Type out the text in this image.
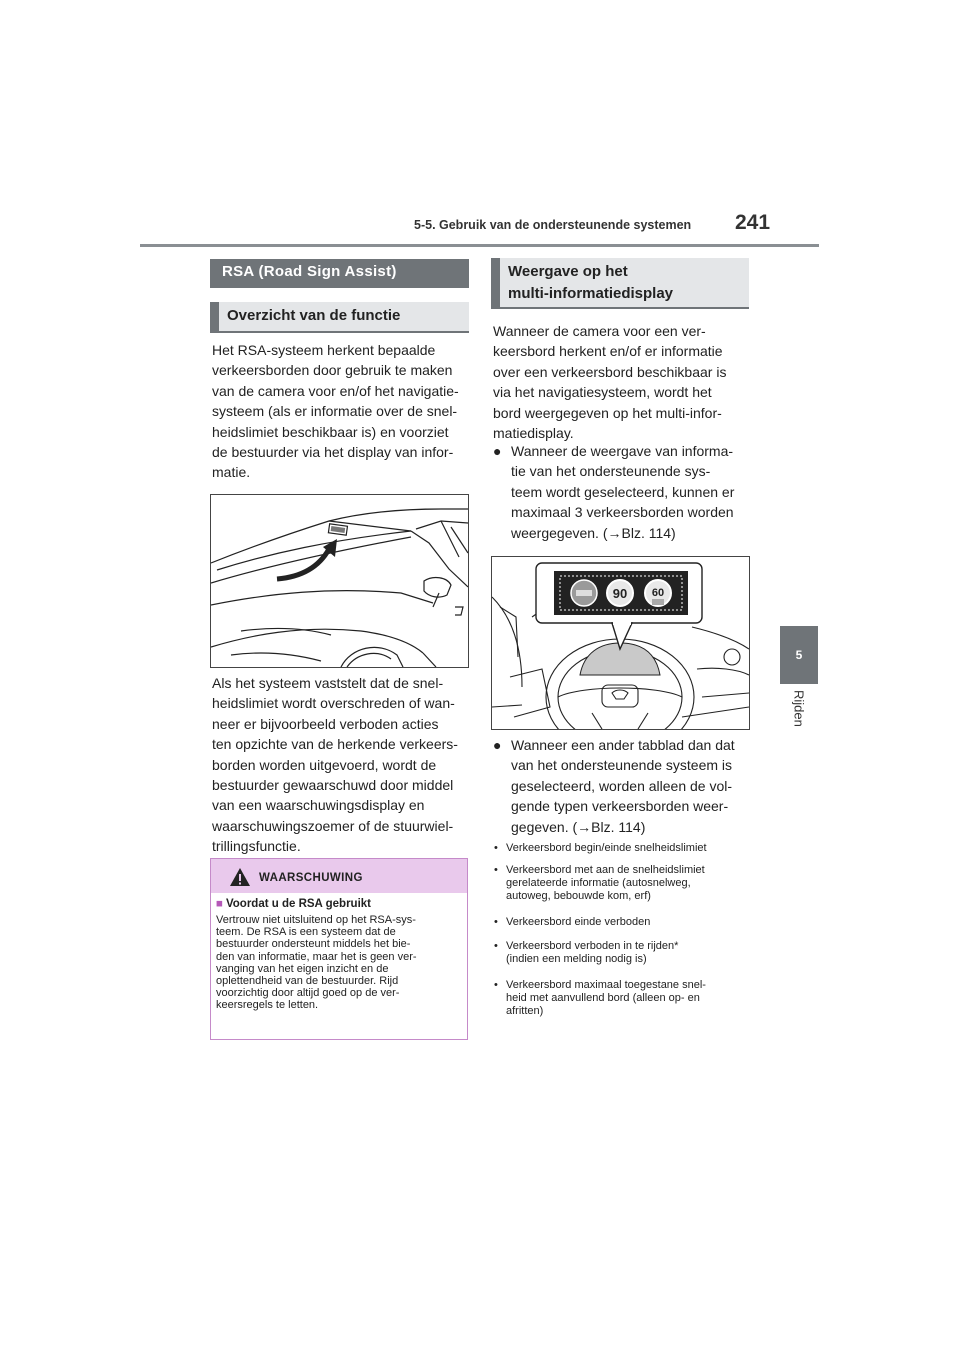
5-5. Gebruik van de ondersteunende systemen 241
5
Rijden
RSA (Road Sign Assist)
Overzicht van de functie
Het RSA-systeem herkent bepaalde
verkeersborden door gebruik te maken
van de camera voor en/of het navigatie-
systeem (als er informatie over de snel-
heidslimiet beschikbaar is) en voorziet
de bestuurder via het display van infor-
matie.
Als het systeem vaststelt dat de snel-
heidslimiet wordt overschreden of wan-
neer er bijvoorbeeld verboden acties
ten opzichte van de herkende verkeers-
borden worden uitgevoerd, wordt de
bestuurder gewaarschuwd door middel
van een waarschuwingsdisplay en
waarschuwingszoemer of de stuurwiel-
trillingsfunctie.
WAARSCHUWING
■ Voordat u de RSA gebruikt
Vertrouw niet uitsluitend op het RSA-sys-
teem. De RSA is een systeem dat de
bestuurder ondersteunt middels het bie-
den van informatie, maar het is geen ver-
vanging van het eigen inzicht en de
oplettendheid van de bestuurder. Rijd
voorzichtig door altijd goed op de ver-
keersregels te letten.
Weergave op het
multi-informatiedisplay
Wanneer de camera voor een ver-
keersbord herkent en/of er informatie
over een verkeersbord beschikbaar is
via het navigatiesysteem, wordt het
bord weergegeven op het multi-infor-
matiedisplay.
● Wanneer de weergave van informa-
tie van het ondersteunende sys-
teem wordt geselecteerd, kunnen er
maximaal 3 verkeersborden worden
weergegeven. (→Blz. 114)
90 60
● Wanneer een ander tabblad dan dat
van het ondersteunende systeem is
geselecteerd, worden alleen de vol-
gende typen verkeersborden weer-
gegeven. (→Blz. 114)
• Verkeersbord begin/einde snelheidslimiet
• Verkeersbord met aan de snelheidslimiet
gerelateerde informatie (autosnelweg,
autoweg, bebouwde kom, erf)
• Verkeersbord einde verboden
• Verkeersbord verboden in te rijden*
(indien een melding nodig is)
• Verkeersbord maximaal toegestane snel-
heid met aanvullend bord (alleen op- en
afritten)
